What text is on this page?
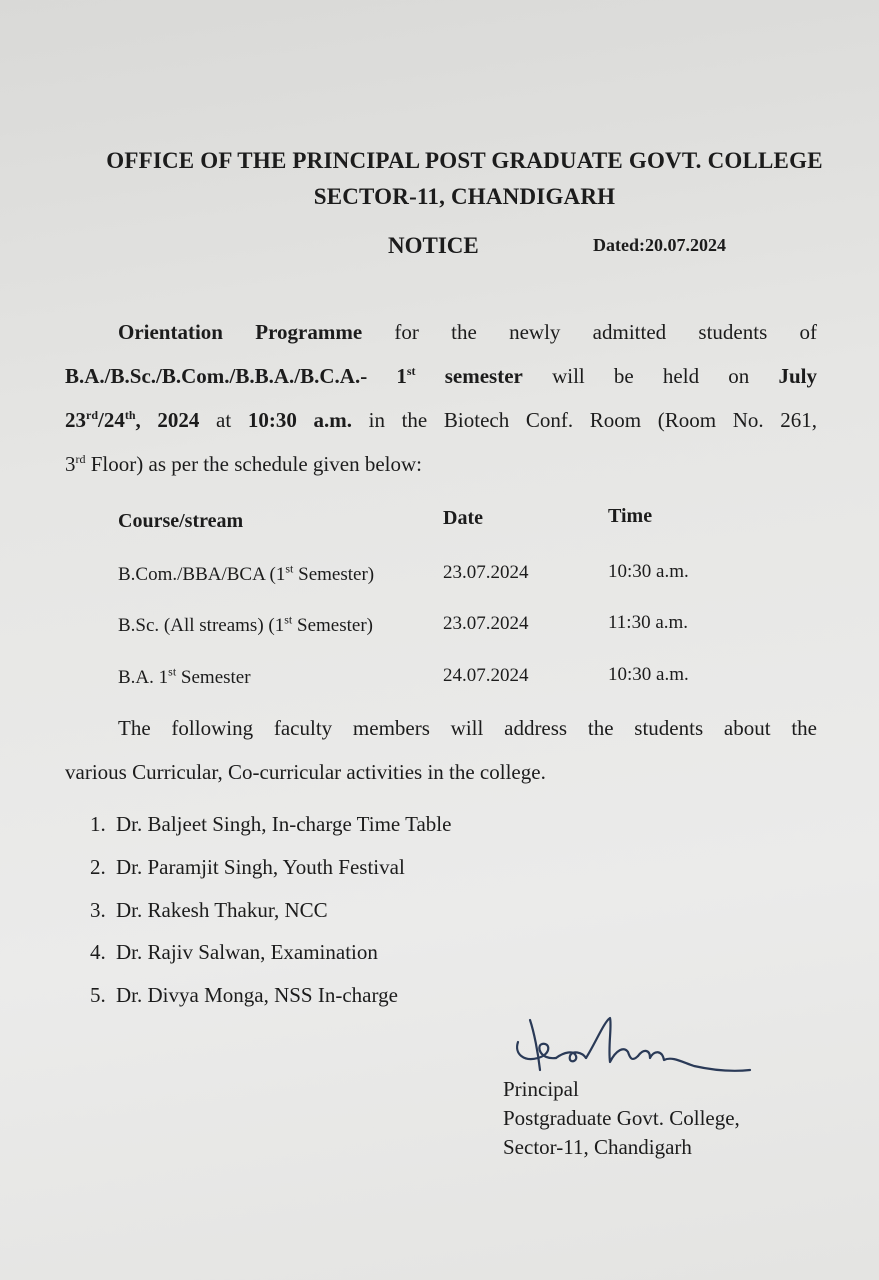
OFFICE OF THE PRINCIPAL POST GRADUATE GOVT. COLLEGE
SECTOR-11, CHANDIGARH
NOTICE	Dated:20.07.2024
Orientation Programme for the newly admitted students of
B.A./B.Sc./B.Com./B.B.A./B.C.A.- 1st semester will be held on July
23rd/24th, 2024 at 10:30 a.m. in the Biotech Conf. Room (Room No. 261,
3rd Floor) as per the schedule given below:
Course/stream	Date	Time
B.Com./BBA/BCA (1st Semester)	23.07.2024	10:30 a.m.
B.Sc. (All streams) (1st Semester)	23.07.2024	11:30 a.m.
B.A. 1st Semester	24.07.2024	10:30 a.m.
The following faculty members will address the students about the
various Curricular, Co-curricular activities in the college.
1. Dr. Baljeet Singh, In-charge Time Table
2. Dr. Paramjit Singh, Youth Festival
3. Dr. Rakesh Thakur, NCC
4. Dr. Rajiv Salwan, Examination
5. Dr. Divya Monga, NSS In-charge
Principal
Postgraduate Govt. College,
Sector-11, Chandigarh
